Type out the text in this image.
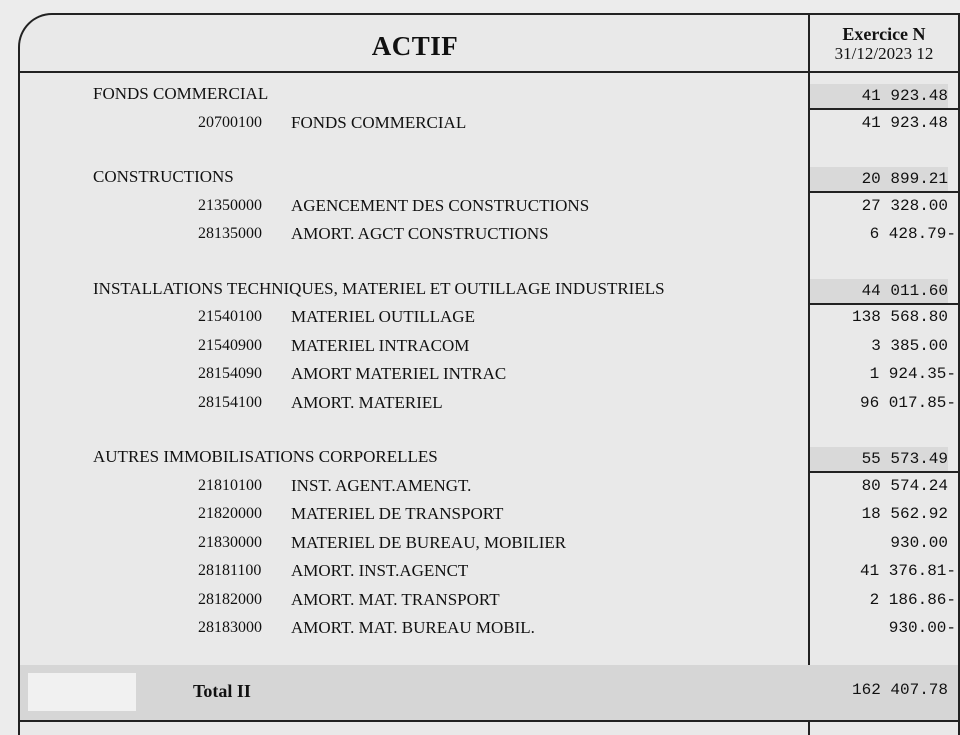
ACTIF	Exercice N
31/12/2023 12
FONDS COMMERCIAL	41 923.48
20700100 FONDS COMMERCIAL	41 923.48
CONSTRUCTIONS	20 899.21
21350000 AGENCEMENT DES CONSTRUCTIONS	27 328.00
28135000 AMORT. AGCT CONSTRUCTIONS	6 428.79-
INSTALLATIONS TECHNIQUES, MATERIEL ET OUTILLAGE INDUSTRIELS	44 011.60
21540100 MATERIEL OUTILLAGE	138 568.80
21540900 MATERIEL INTRACOM	3 385.00
28154090 AMORT MATERIEL INTRAC	1 924.35-
28154100 AMORT. MATERIEL	96 017.85-
AUTRES IMMOBILISATIONS CORPORELLES	55 573.49
21810100 INST. AGENT.AMENGT.	80 574.24
21820000 MATERIEL DE TRANSPORT	18 562.92
21830000 MATERIEL DE BUREAU, MOBILIER	930.00
28181100 AMORT. INST.AGENCT	41 376.81-
28182000 AMORT. MAT. TRANSPORT	2 186.86-
28183000 AMORT. MAT. BUREAU MOBIL.	930.00-
Total II	162 407.78
